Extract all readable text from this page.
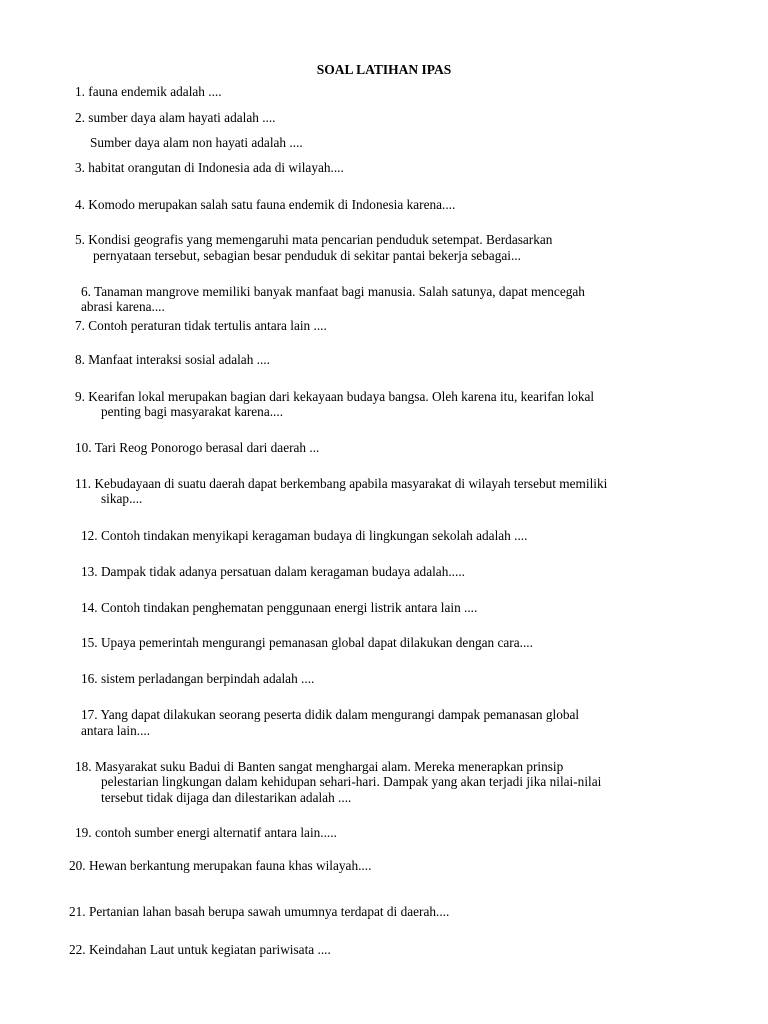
SOAL LATIHAN IPAS
1. fauna endemik adalah ....
2. sumber daya alam hayati adalah ....
Sumber daya alam non hayati adalah ....
3. habitat orangutan di Indonesia ada di wilayah....
4. Komodo merupakan salah satu fauna endemik di Indonesia karena....
5. Kondisi geografis yang memengaruhi mata pencarian penduduk setempat. Berdasarkan
pernyataan tersebut, sebagian besar penduduk di sekitar pantai bekerja sebagai...
6. Tanaman mangrove memiliki banyak manfaat bagi manusia. Salah satunya, dapat mencegah
abrasi karena....
7. Contoh peraturan tidak tertulis antara lain ....
8. Manfaat interaksi sosial adalah ....
9. Kearifan lokal merupakan bagian dari kekayaan budaya bangsa. Oleh karena itu, kearifan lokal
penting bagi masyarakat karena....
10. Tari Reog Ponorogo berasal dari daerah ...
11. Kebudayaan di suatu daerah dapat berkembang apabila masyarakat di wilayah tersebut memiliki
sikap....
12. Contoh tindakan menyikapi keragaman budaya di lingkungan sekolah adalah ....
13. Dampak tidak adanya persatuan dalam keragaman budaya adalah.....
14. Contoh tindakan penghematan penggunaan energi listrik antara lain ....
15. Upaya pemerintah mengurangi pemanasan global dapat dilakukan dengan cara....
16. sistem perladangan berpindah adalah ....
17. Yang dapat dilakukan seorang peserta didik dalam mengurangi dampak pemanasan global
antara lain....
18. Masyarakat suku Badui di Banten sangat menghargai alam. Mereka menerapkan prinsip
pelestarian lingkungan dalam kehidupan sehari-hari. Dampak yang akan terjadi jika nilai-nilai
tersebut tidak dijaga dan dilestarikan adalah ....
19. contoh sumber energi alternatif antara lain.....
20. Hewan berkantung merupakan fauna khas wilayah....
21. Pertanian lahan basah berupa sawah umumnya terdapat di daerah....
22. Keindahan Laut untuk kegiatan pariwisata ....
